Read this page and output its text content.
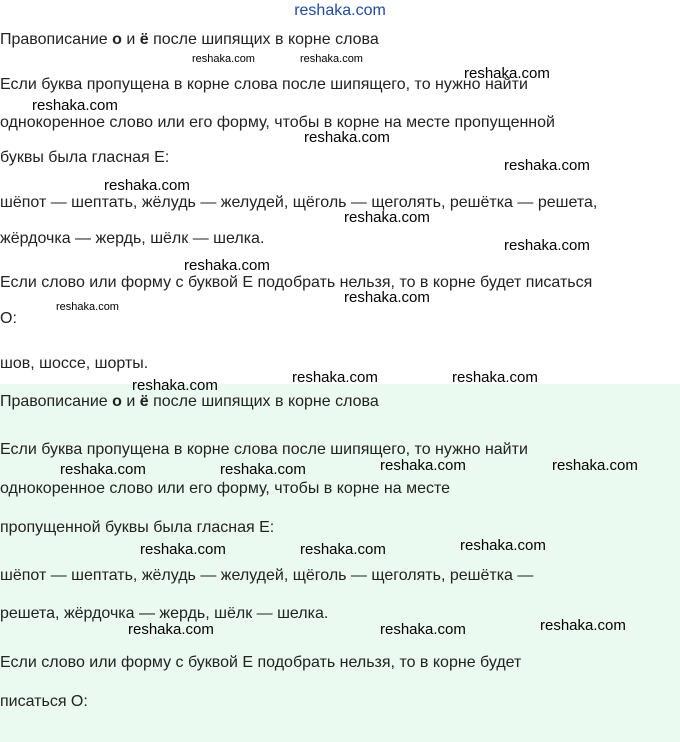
reshaka.com

Правописание о и ё после шипящих в корне слова

Если буква пропущена в корне слова после шипящего, то нужно найти

однокоренное слово или его форму, чтобы в корне на месте пропущенной

буквы была гласная Е:

шёпот — шептать, жёлудь — желудей, щёголь — щеголять, решётка — решета,

жёрдочка — жердь, шёлк — шелка.

Если слово или форму с буквой Е подобрать нельзя, то в корне будет писаться

О:

шов, шоссе, шорты.

Правописание о и ё после шипящих в корне слова

Если буква пропущена в корне слова после шипящего, то нужно найти

однокоренное слово или его форму, чтобы в корне на месте

пропущенной буквы была гласная Е:

шёпот — шептать, жёлудь — желудей, щёголь — щеголять, решётка —

решета, жёрдочка — жердь, шёлк — шелка.

Если слово или форму с буквой Е подобрать нельзя, то в корне будет

писаться О:

reshaka.com	reshaka.com
reshaka.com
reshaka.com
reshaka.com
reshaka.com
reshaka.com
reshaka.com
reshaka.com
reshaka.com
reshaka.com
reshaka.com
reshaka.com	reshaka.com
reshaka.com
reshaka.com	reshaka.com
reshaka.com	reshaka.com
reshaka.com
reshaka.com	reshaka.com
reshaka.com
reshaka.com	reshaka.com
